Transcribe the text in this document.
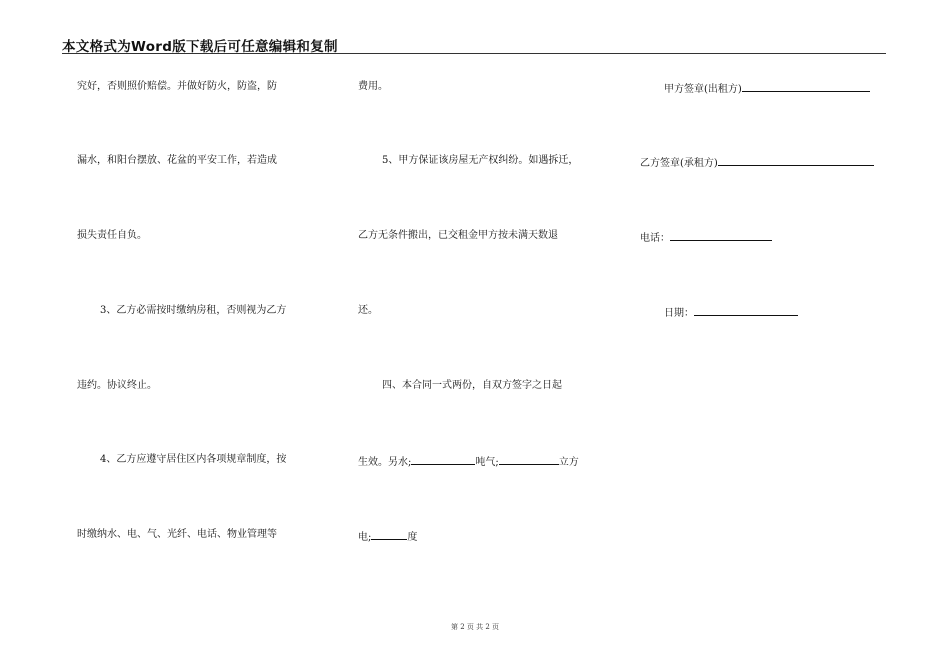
本文格式为Word版下载后可任意编辑和复制
究好，否则照价赔偿。并做好防火，防盗，防
漏水，和阳台摆放、花盆的平安工作，若造成
损失责任自负。
3、乙方必需按时缴纳房租，否则视为乙方
违约。协议终止。
4、乙方应遵守居住区内各项规章制度，按
时缴纳水、电、气、光纤、电话、物业管理等
费用。
5、甲方保证该房屋无产权纠纷。如遇拆迁，
乙方无条件搬出，已交租金甲方按未满天数退
还。
四、本合同一式两份，自双方签字之日起
生效。另水;	吨气;	立方
电;	度
甲方签章(出租方)
乙方签章(承租方)
电话：
日期：
第 2 页 共 2 页
